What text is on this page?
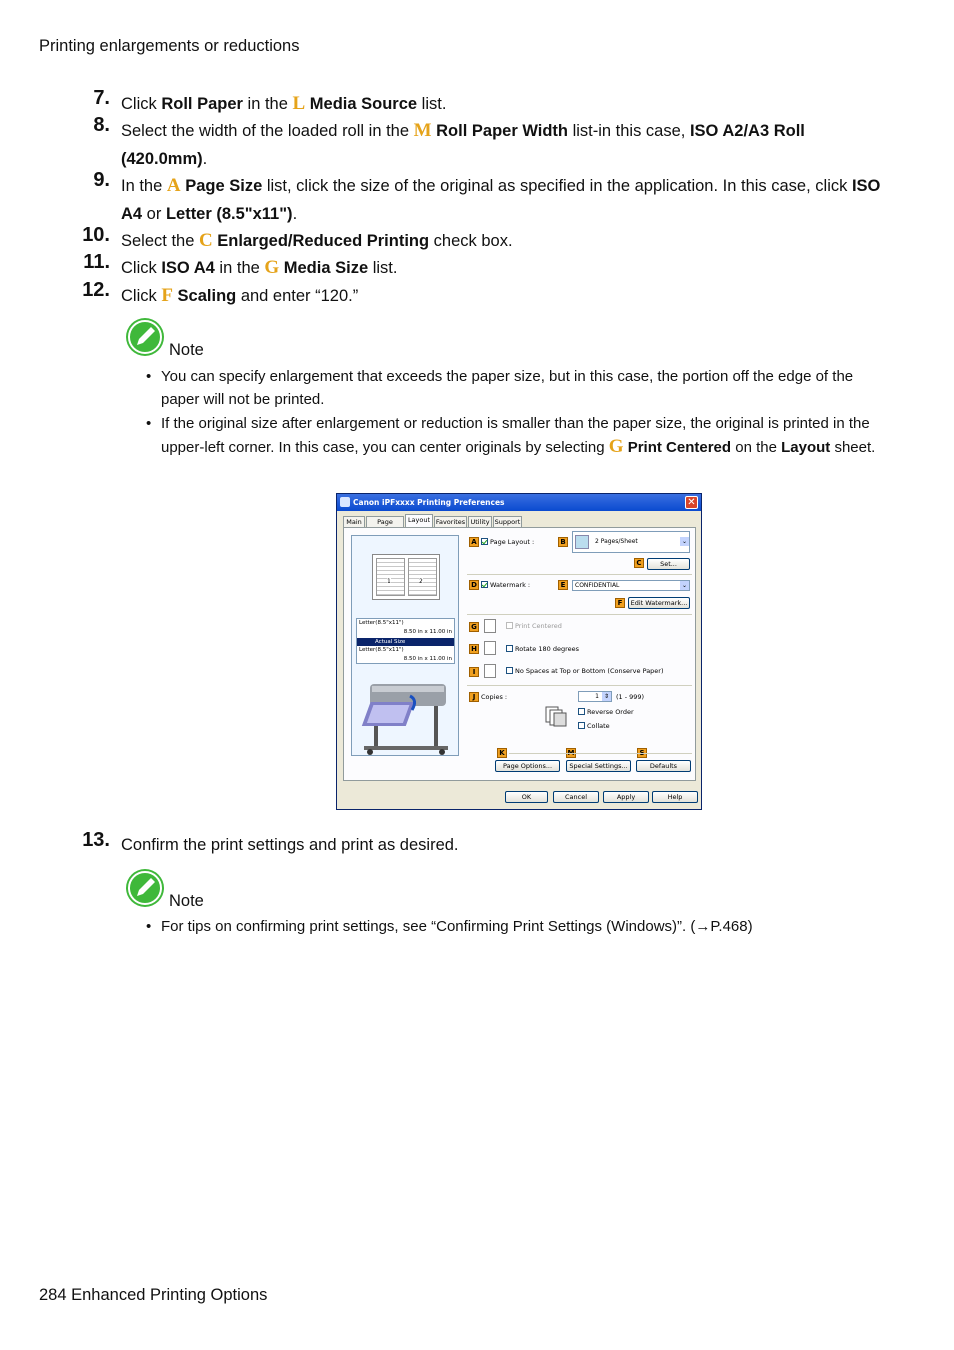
Printing enlargements or reductions
7. Click Roll Paper in the L Media Source list.
8. Select the width of the loaded roll in the M Roll Paper Width list-in this case, ISO A2/A3 Roll (420.0mm).
9. In the A Page Size list, click the size of the original as specified in the application. In this case, click ISO A4 or Letter (8.5"x11").
10. Select the C Enlarged/Reduced Printing check box.
11. Click ISO A4 in the G Media Size list.
12. Click F Scaling and enter “120.”
Note
• You can specify enlargement that exceeds the paper size, but in this case, the portion off the edge of the paper will not be printed.
• If the original size after enlargement or reduction is smaller than the paper size, the original is printed in the upper-left corner. In this case, you can center originals by selecting G Print Centered on the Layout sheet.
Canon iPFxxxx Printing Preferences	✕
Main	Page	Layout Favorites Utility Support
1	2
Letter(8.5"x11")
8.50 in x 11.00 in
Actual Size
Letter(8.5"x11")
8.50 in x 11.00 in
A	Page Layout :	B	2 Pages/Sheet	⌄
C	Set...
D	Watermark :	E	CONFIDENTIAL	⌄
F	Edit Watermark...
G	Print Centered
H	Rotate 180 degrees
I	No Spaces at Top or Bottom (Conserve Paper)
J Copies :	1 ⇕	(1 - 999)
Reverse Order
Collate
K
Page Options...	Special Settings...	Defaults
OK	Cancel	Apply	Help
13. Confirm the print settings and print as desired.
Note
• For tips on confirming print settings, see “Confirming Print Settings (Windows)”. (→P.468)
284 Enhanced Printing Options
